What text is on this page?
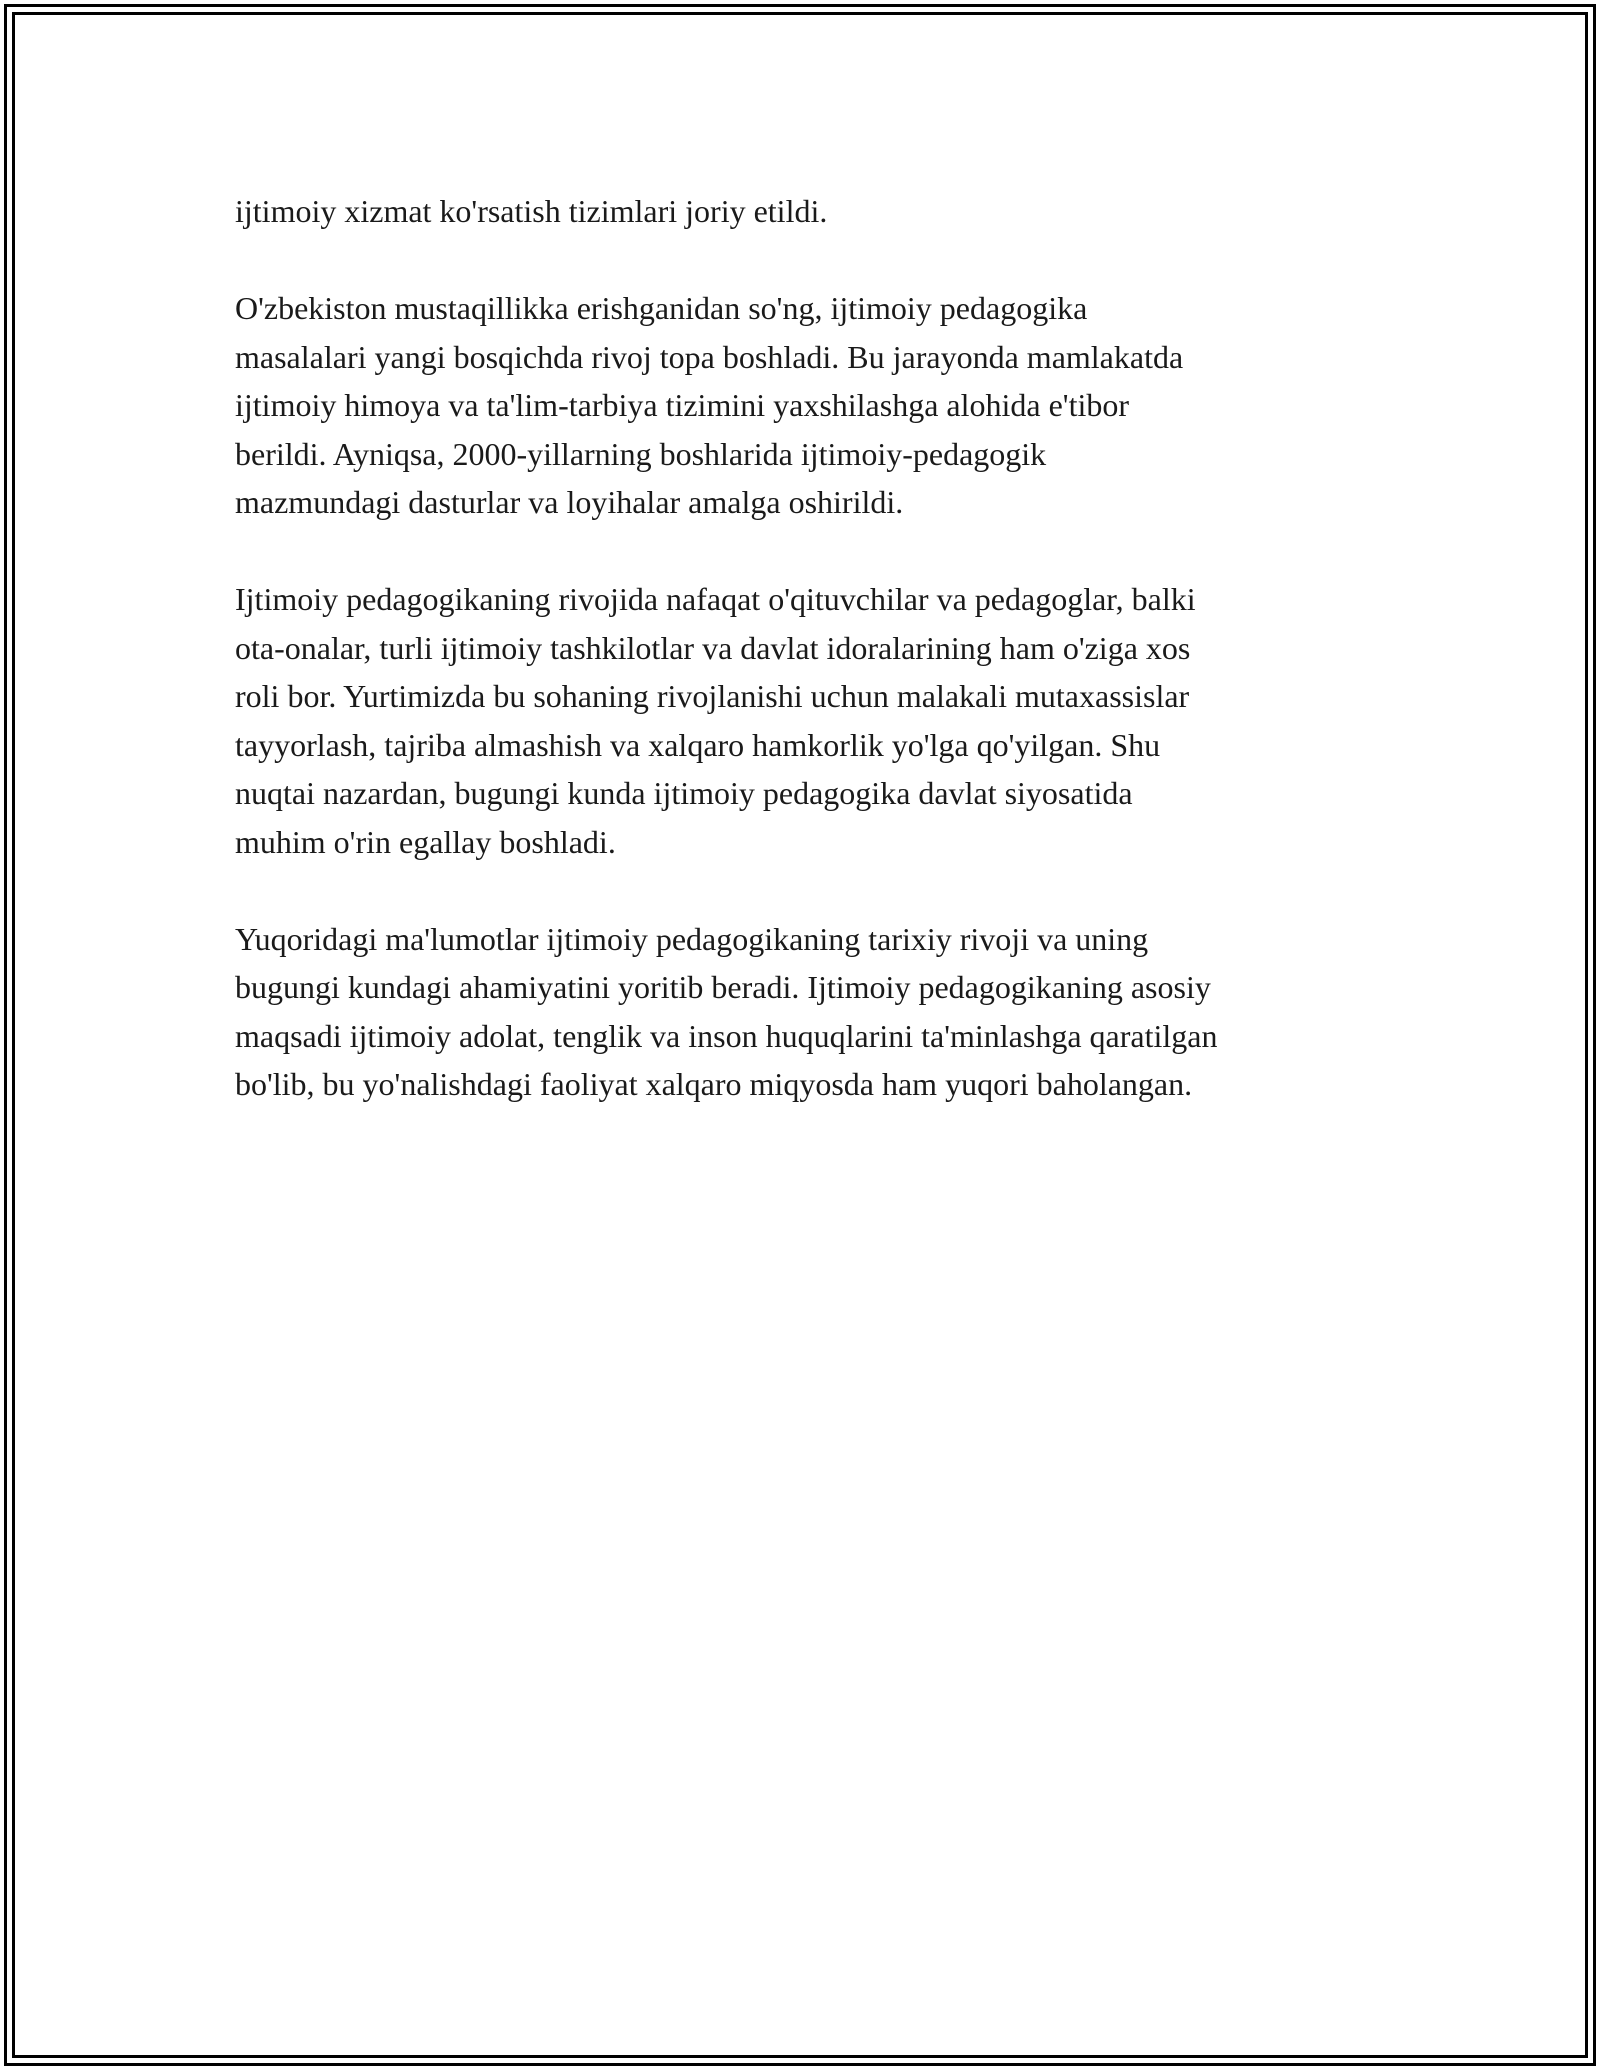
ijtimoiy xizmat ko'rsatish tizimlari joriy etildi.

O'zbekiston mustaqillikka erishganidan so'ng, ijtimoiy pedagogika
masalalari yangi bosqichda rivoj topa boshladi. Bu jarayonda mamlakatda
ijtimoiy himoya va ta'lim-tarbiya tizimini yaxshilashga alohida e'tibor
berildi. Ayniqsa, 2000-yillarning boshlarida ijtimoiy-pedagogik
mazmundagi dasturlar va loyihalar amalga oshirildi.

Ijtimoiy pedagogikaning rivojida nafaqat o'qituvchilar va pedagoglar, balki
ota-onalar, turli ijtimoiy tashkilotlar va davlat idoralarining ham o'ziga xos
roli bor. Yurtimizda bu sohaning rivojlanishi uchun malakali mutaxassislar
tayyorlash, tajriba almashish va xalqaro hamkorlik yo'lga qo'yilgan. Shu
nuqtai nazardan, bugungi kunda ijtimoiy pedagogika davlat siyosatida
muhim o'rin egallay boshladi.

Yuqoridagi ma'lumotlar ijtimoiy pedagogikaning tarixiy rivoji va uning
bugungi kundagi ahamiyatini yoritib beradi. Ijtimoiy pedagogikaning asosiy
maqsadi ijtimoiy adolat, tenglik va inson huquqlarini ta'minlashga qaratilgan
bo'lib, bu yo'nalishdagi faoliyat xalqaro miqyosda ham yuqori baholangan.
